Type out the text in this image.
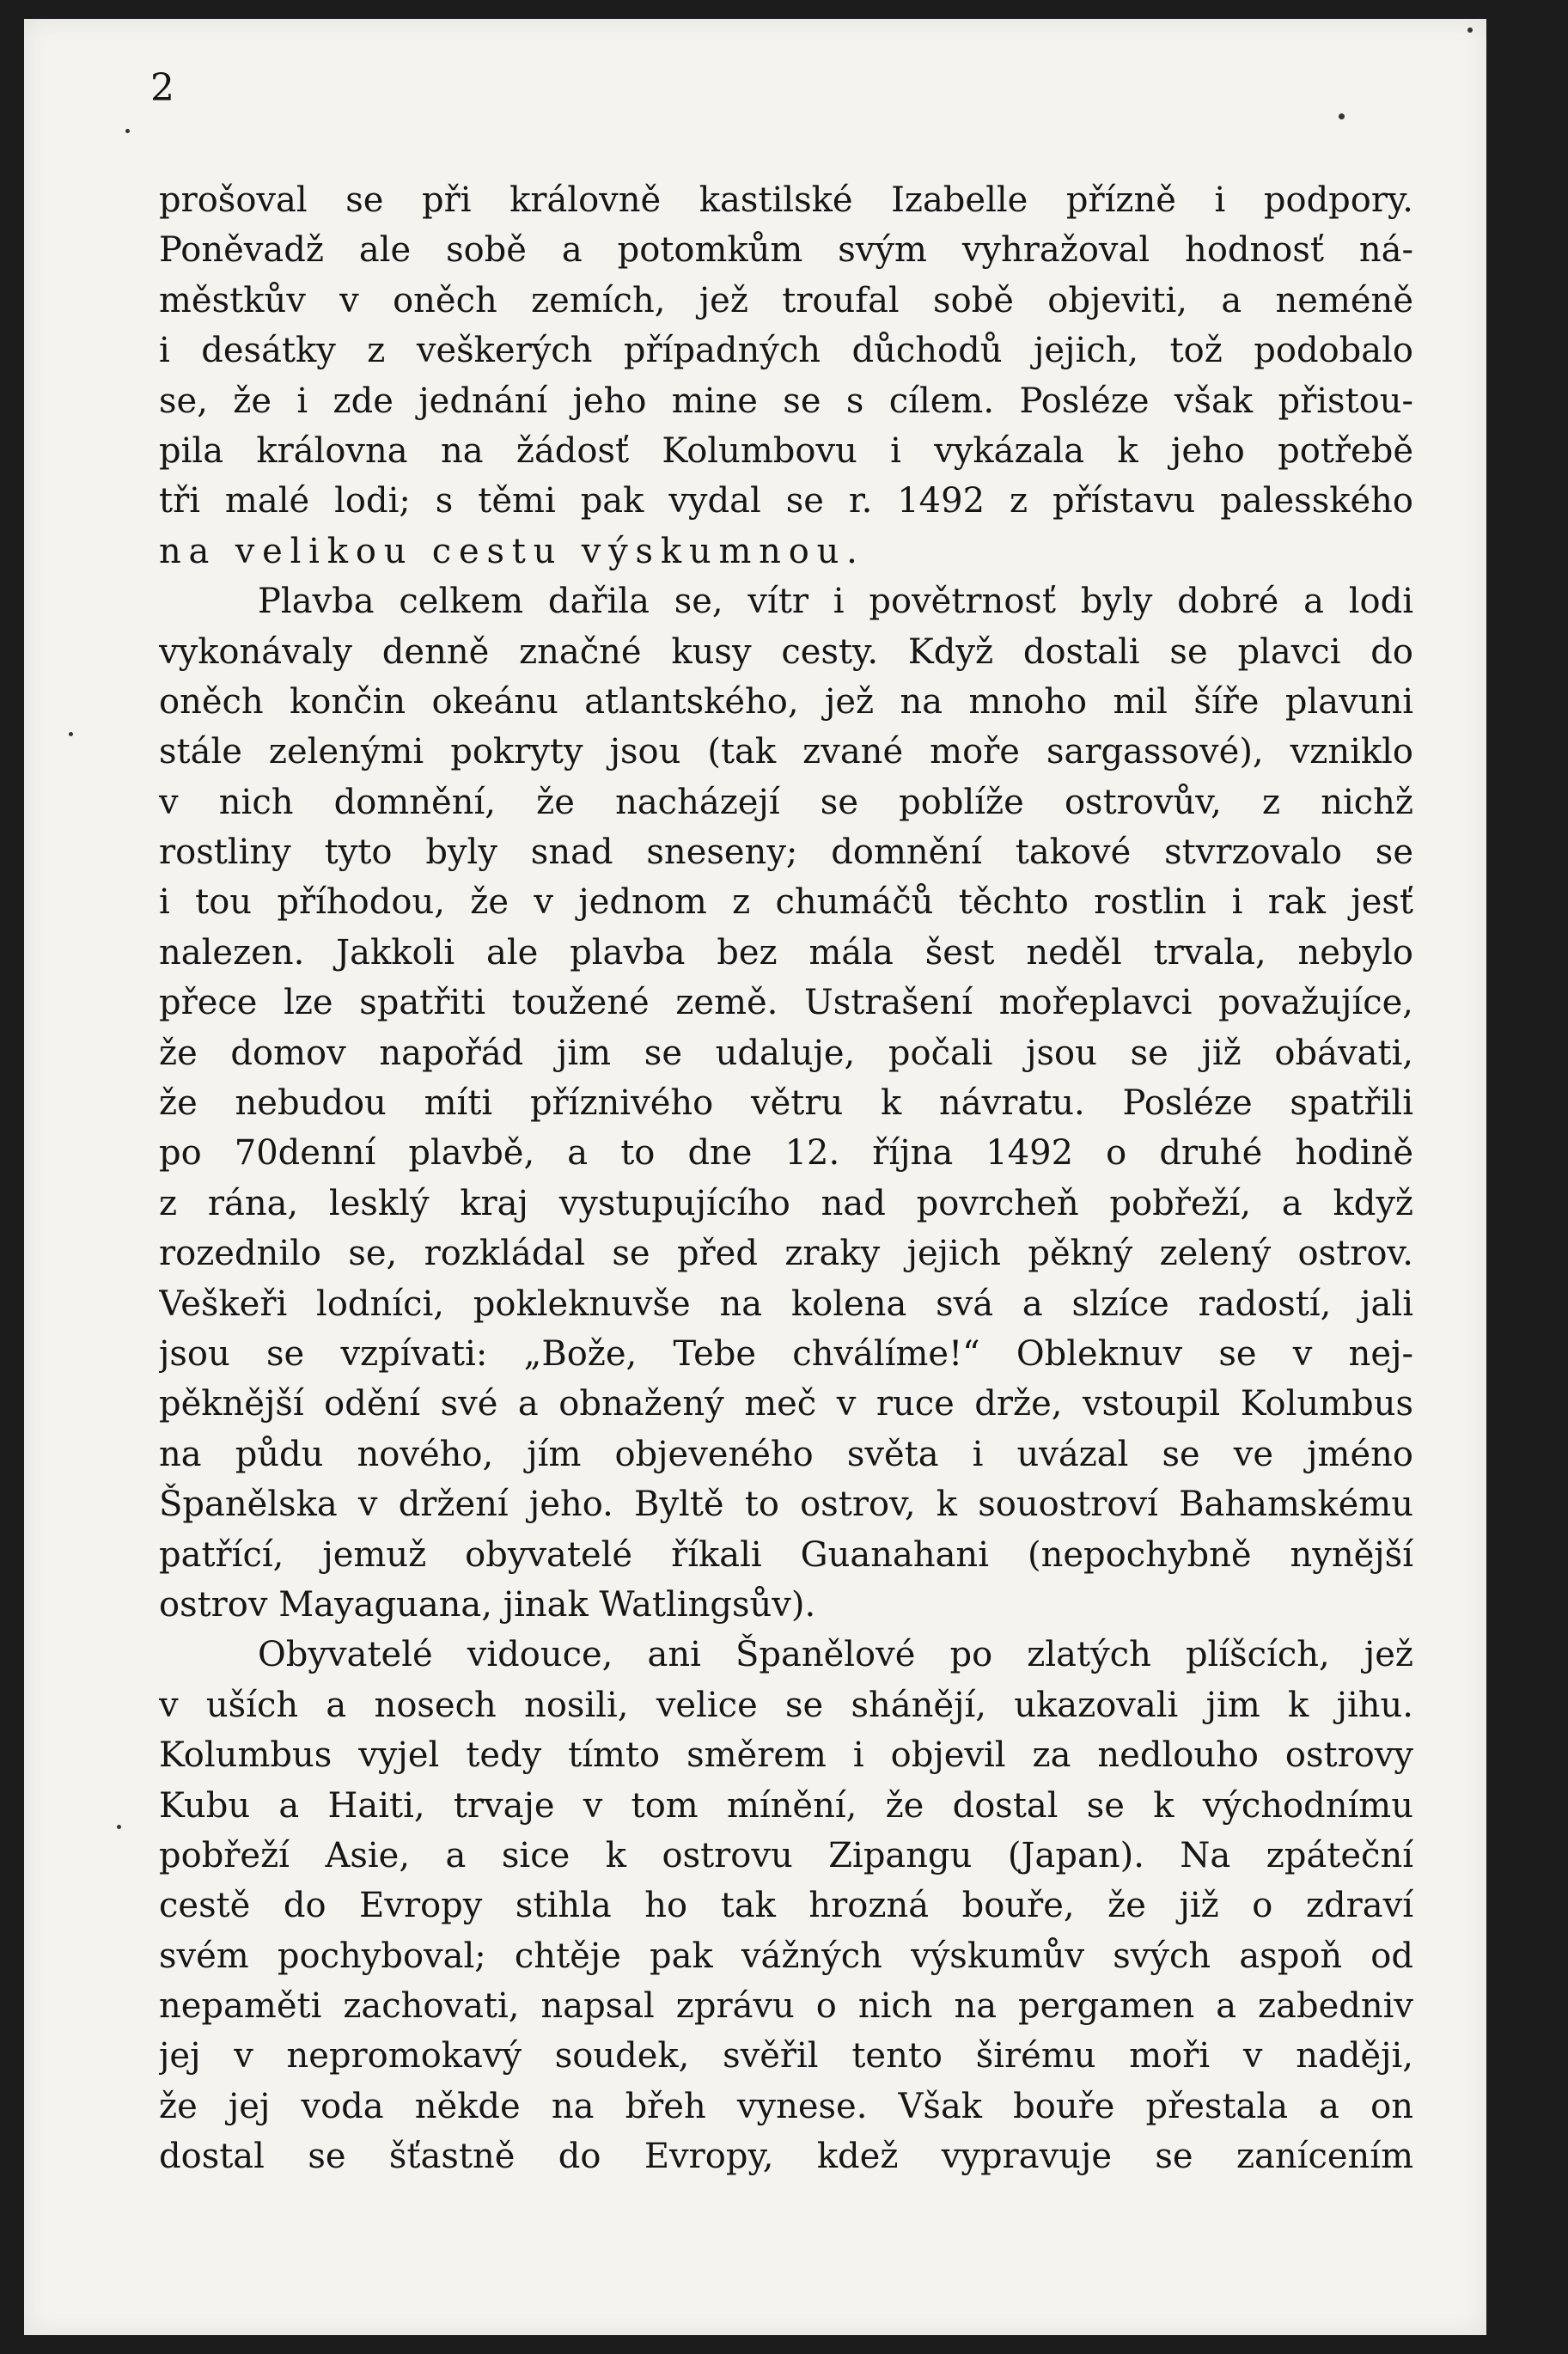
2
prošoval se při královně kastilské Izabelle přízně i podpory.
Poněvadž ale sobě a potomkům svým vyhražoval hodnosť ná-
městkův v oněch zemích, jež troufal sobě objeviti, a neméně
i desátky z veškerých případných důchodů jejich, tož podobalo
se, že i zde jednání jeho mine se s cílem. Posléze však přistou-
pila královna na žádosť Kolumbovu i vykázala k jeho potřebě
tři malé lodi; s těmi pak vydal se r. 1492 z přístavu palesského
na velikou cestu výskumnou.
Plavba celkem dařila se, vítr i povětrnosť byly dobré a lodi
vykonávaly denně značné kusy cesty. Když dostali se plavci do
oněch končin okeánu atlantského, jež na mnoho mil šíře plavuni
stále zelenými pokryty jsou (tak zvané moře sargassové), vzniklo
v nich domnění, že nacházejí se poblíže ostrovův, z nichž
rostliny tyto byly snad sneseny; domnění takové stvrzovalo se
i tou příhodou, že v jednom z chumáčů těchto rostlin i rak jesť
nalezen. Jakkoli ale plavba bez mála šest neděl trvala, nebylo
přece lze spatřiti toužené země. Ustrašení mořeplavci považujíce,
že domov napořád jim se udaluje, počali jsou se již obávati,
že nebudou míti příznivého větru k návratu. Posléze spatřili
po 70denní plavbě, a to dne 12. října 1492 o druhé hodině
z rána, lesklý kraj vystupujícího nad povrcheň pobřeží, a když
rozednilo se, rozkládal se před zraky jejich pěkný zelený ostrov.
Veškeři lodníci, pokleknuvše na kolena svá a slzíce radostí, jali
jsou se vzpívati: „Bože, Tebe chválíme!“ Obleknuv se v nej-
pěknější odění své a obnažený meč v ruce drže, vstoupil Kolumbus
na půdu nového, jím objeveného světa i uvázal se ve jméno
Španělska v držení jeho. Byltě to ostrov, k souostroví Bahamskému
patřící, jemuž obyvatelé říkali Guanahani (nepochybně nynější
ostrov Mayaguana, jinak Watlingsův).
Obyvatelé vidouce, ani Španělové po zlatých plíšcích, jež
v uších a nosech nosili, velice se shánějí, ukazovali jim k jihu.
Kolumbus vyjel tedy tímto směrem i objevil za nedlouho ostrovy
Kubu a Haiti, trvaje v tom mínění, že dostal se k východnímu
pobřeží Asie, a sice k ostrovu Zipangu (Japan). Na zpáteční
cestě do Evropy stihla ho tak hrozná bouře, že již o zdraví
svém pochyboval; chtěje pak vážných výskumův svých aspoň od
nepaměti zachovati, napsal zprávu o nich na pergamen a zabedniv
jej v nepromokavý soudek, svěřil tento širému moři v naději,
že jej voda někde na břeh vynese. Však bouře přestala a on
dostal se šťastně do Evropy, kdež vypravuje se zanícením
